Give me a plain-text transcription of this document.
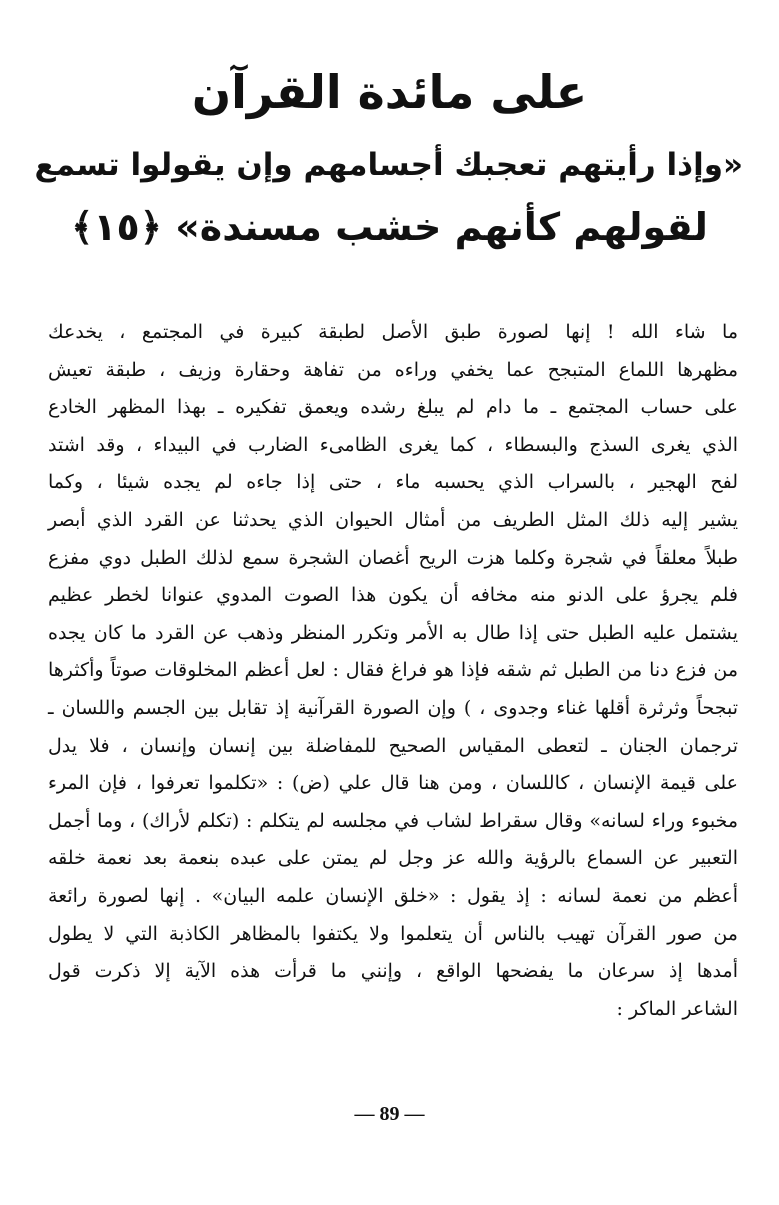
على مائدة القرآن
«وإذا رأيتهم تعجبك أجسامهم وإن يقولوا تسمع
لقولهم كأنهم خشب مسندة» ﴿١٥﴾
ما شاء الله ! إنها لصورة طبق الأصل لطبقة كبيرة في المجتمع ، يخدعك
مظهرها اللماع المتبجح عما يخفي وراءه من تفاهة وحقارة وزيف ، طبقة تعيش
على حساب المجتمع ـ ما دام لم يبلغ رشده ويعمق تفكيره ـ بهذا المظهر الخادع
الذي يغرى السذج والبسطاء ، كما يغرى الظامىء الضارب في البيداء ، وقد اشتد
لفح الهجير ، بالسراب الذي يحسبه ماء ، حتى إذا جاءه لم يجده شيئا ، وكما
يشير إليه ذلك المثل الطريف من أمثال الحيوان الذي يحدثنا عن القرد الذي أبصر
طبلاً معلقاً في شجرة وكلما هزت الريح أغصان الشجرة سمع لذلك الطبل دوي مفزع
فلم يجرؤ على الدنو منه مخافه أن يكون هذا الصوت المدوي عنوانا لخطر عظيم
يشتمل عليه الطبل حتى إذا طال به الأمر وتكرر المنظر وذهب عن القرد ما كان يجده
من فزع دنا من الطبل ثم شقه فإذا هو فراغ فقال : لعل أعظم المخلوقات صوتاً وأكثرها
تبجحاً وثرثرة أقلها غناء وجدوى ، ) وإن الصورة القرآنية إذ تقابل بين الجسم واللسان ـ
ترجمان الجنان ـ لتعطى المقياس الصحيح للمفاضلة بين إنسان وإنسان ، فلا يدل
على قيمة الإنسان ، كاللسان ، ومن هنا قال علي (ض) : «تكلموا تعرفوا ، فإن المرء
مخبوء وراء لسانه» وقال سقراط لشاب في مجلسه لم يتكلم : (تكلم لأراك) ، وما أجمل
التعبير عن السماع بالرؤية والله عز وجل لم يمتن على عبده بنعمة بعد نعمة خلقه
أعظم من نعمة لسانه : إذ يقول : «خلق الإنسان علمه البيان» . إنها لصورة رائعة
من صور القرآن تهيب بالناس أن يتعلموا ولا يكتفوا بالمظاهر الكاذبة التي لا يطول
أمدها إذ سرعان ما يفضحها الواقع ، وإنني ما قرأت هذه الآية إلا ذكرت قول
الشاعر الماكر :
— 89 —
